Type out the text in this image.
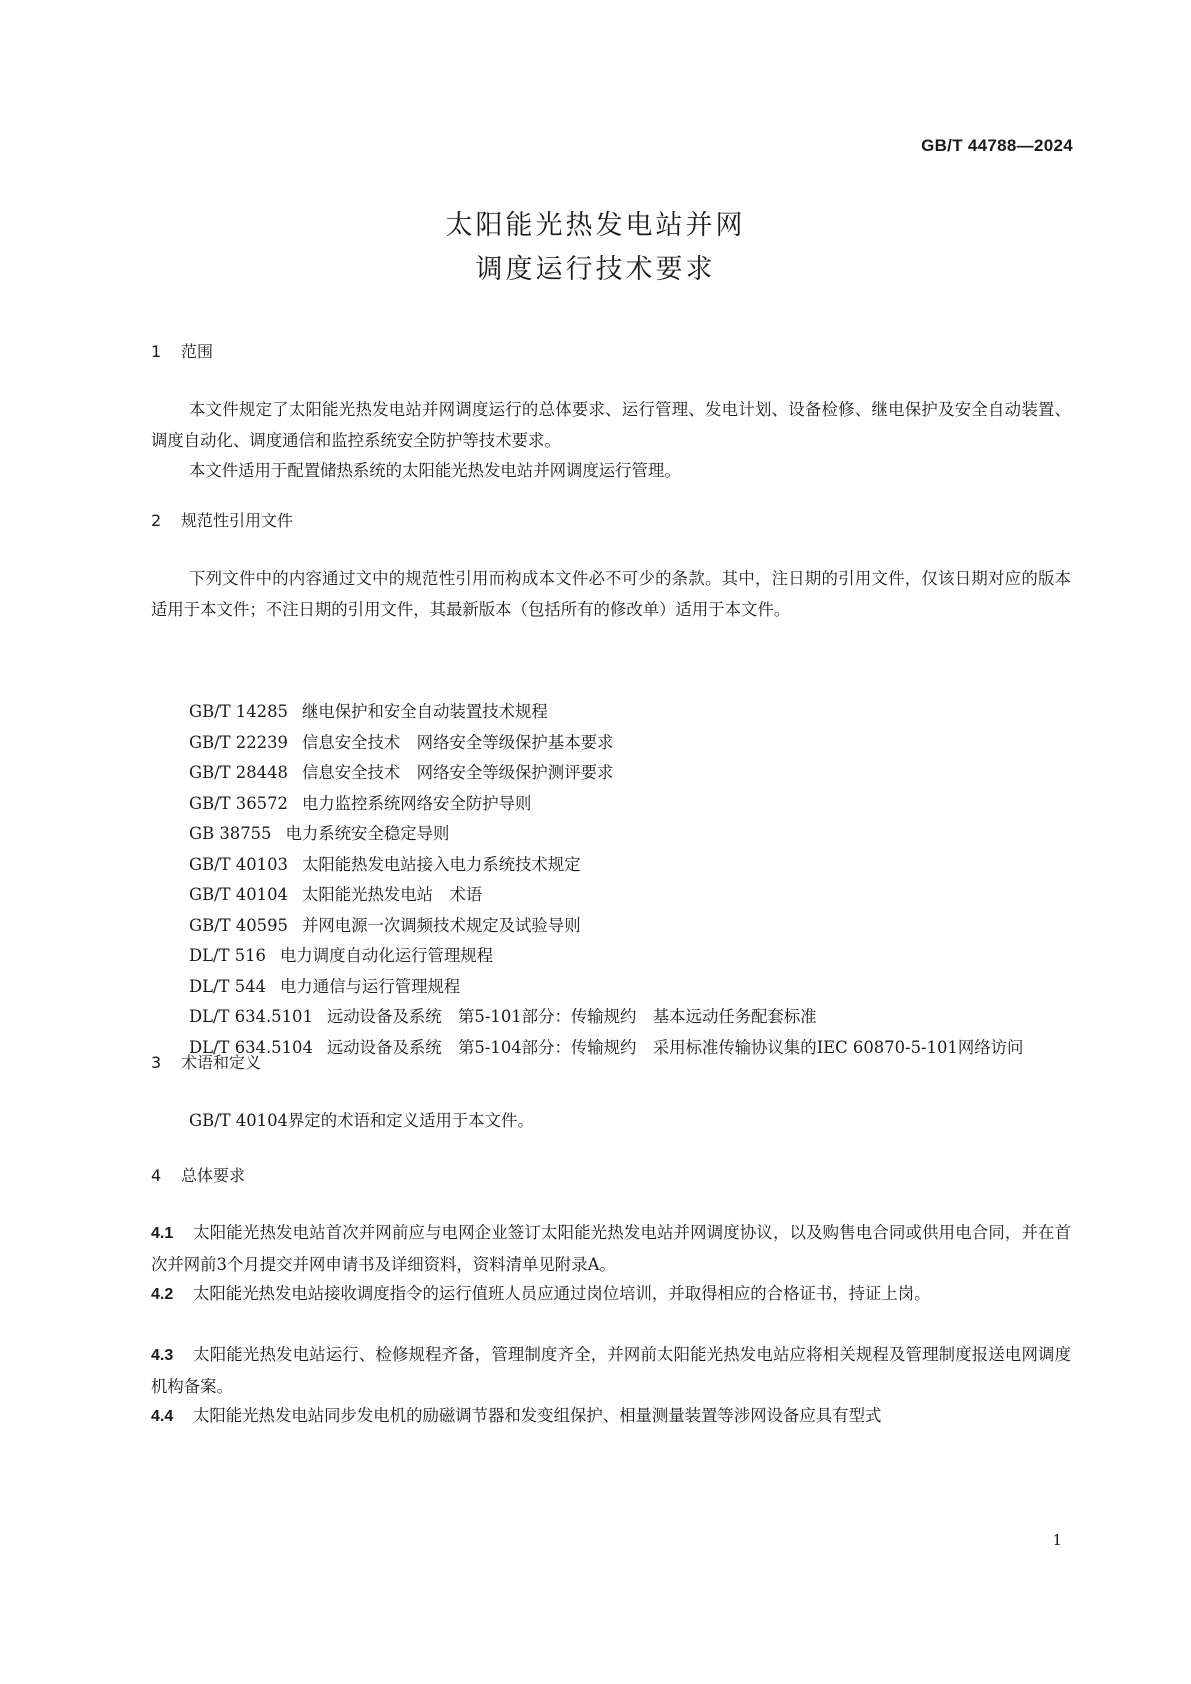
GB/T 44788—2024
太阳能光热发电站并网
调度运行技术要求
1 范围
本文件规定了太阳能光热发电站并网调度运行的总体要求、运行管理、发电计划、设备检修、继电保护及安全自动装置、调度自动化、调度通信和监控系统安全防护等技术要求。
本文件适用于配置储热系统的太阳能光热发电站并网调度运行管理。
2 规范性引用文件
下列文件中的内容通过文中的规范性引用而构成本文件必不可少的条款。其中，注日期的引用文件，仅该日期对应的版本适用于本文件；不注日期的引用文件，其最新版本（包括所有的修改单）适用于本文件。
GB/T 14285 继电保护和安全自动装置技术规程
GB/T 22239 信息安全技术　网络安全等级保护基本要求
GB/T 28448 信息安全技术　网络安全等级保护测评要求
GB/T 36572 电力监控系统网络安全防护导则
GB 38755 电力系统安全稳定导则
GB/T 40103 太阳能热发电站接入电力系统技术规定
GB/T 40104 太阳能光热发电站　术语
GB/T 40595 并网电源一次调频技术规定及试验导则
DL/T 516 电力调度自动化运行管理规程
DL/T 544 电力通信与运行管理规程
DL/T 634.5101 远动设备及系统　第5-101部分：传输规约　基本远动任务配套标准
DL/T 634.5104 远动设备及系统　第5-104部分：传输规约　采用标准传输协议集的IEC 60870-5-101网络访问
3 术语和定义
GB/T 40104界定的术语和定义适用于本文件。
4 总体要求
4.1 太阳能光热发电站首次并网前应与电网企业签订太阳能光热发电站并网调度协议，以及购售电合同或供用电合同，并在首次并网前3个月提交并网申请书及详细资料，资料清单见附录A。
4.2 太阳能光热发电站接收调度指令的运行值班人员应通过岗位培训，并取得相应的合格证书，持证上岗。
4.3 太阳能光热发电站运行、检修规程齐备，管理制度齐全，并网前太阳能光热发电站应将相关规程及管理制度报送电网调度机构备案。
4.4 太阳能光热发电站同步发电机的励磁调节器和发变组保护、相量测量装置等涉网设备应具有型式
1
